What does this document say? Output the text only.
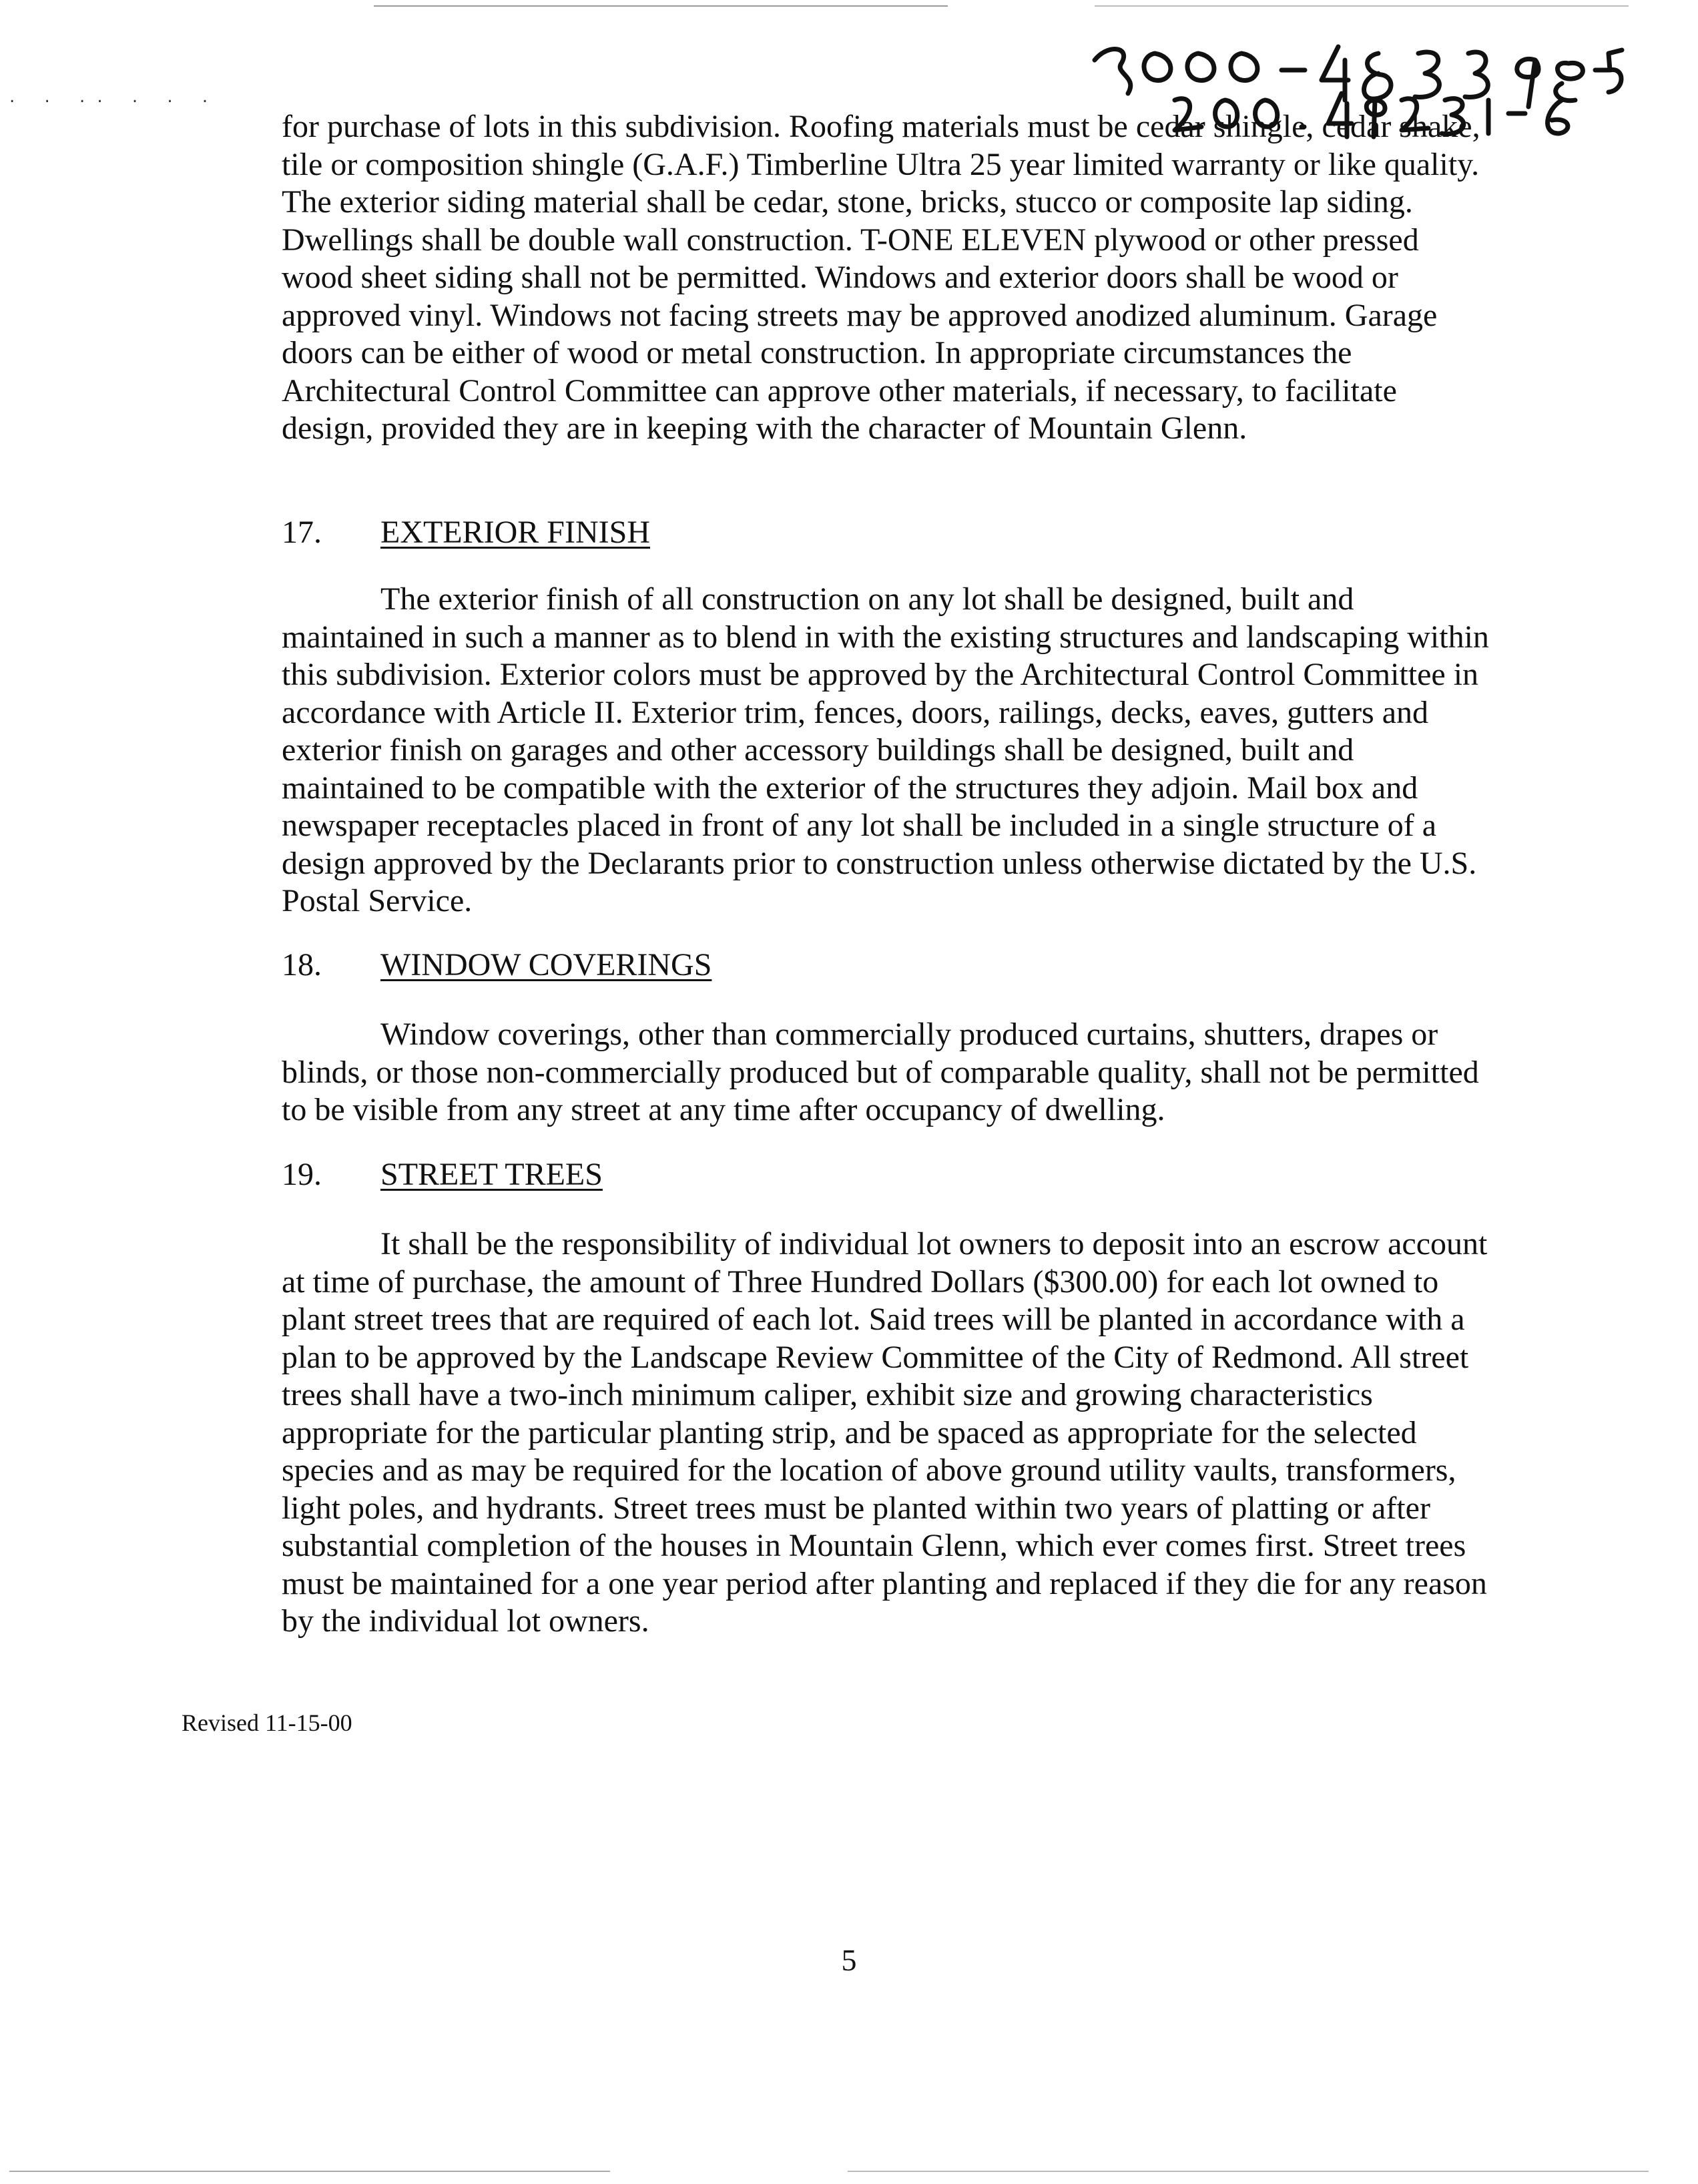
. . .. . . .

for purchase of lots in this subdivision. Roofing materials must be cedar shingle, cedar shake, tile or composition shingle (G.A.F.) Timberline Ultra 25 year limited warranty or like quality. The exterior siding material shall be cedar, stone, bricks, stucco or composite lap siding. Dwellings shall be double wall construction. T-ONE ELEVEN plywood or other pressed wood sheet siding shall not be permitted. Windows and exterior doors shall be wood or approved vinyl. Windows not facing streets may be approved anodized aluminum. Garage doors can be either of wood or metal construction. In appropriate circumstances the Architectural Control Committee can approve other materials, if necessary, to facilitate design, provided they are in keeping with the character of Mountain Glenn.

17. EXTERIOR FINISH

The exterior finish of all construction on any lot shall be designed, built and maintained in such a manner as to blend in with the existing structures and landscaping within this subdivision. Exterior colors must be approved by the Architectural Control Committee in accordance with Article II. Exterior trim, fences, doors, railings, decks, eaves, gutters and exterior finish on garages and other accessory buildings shall be designed, built and maintained to be compatible with the exterior of the structures they adjoin. Mail box and newspaper receptacles placed in front of any lot shall be included in a single structure of a design approved by the Declarants prior to construction unless otherwise dictated by the U.S. Postal Service.

18. WINDOW COVERINGS

Window coverings, other than commercially produced curtains, shutters, drapes or blinds, or those non-commercially produced but of comparable quality, shall not be permitted to be visible from any street at any time after occupancy of dwelling.

19. STREET TREES

It shall be the responsibility of individual lot owners to deposit into an escrow account at time of purchase, the amount of Three Hundred Dollars ($300.00) for each lot owned to plant street trees that are required of each lot. Said trees will be planted in accordance with a plan to be approved by the Landscape Review Committee of the City of Redmond. All street trees shall have a two-inch minimum caliper, exhibit size and growing characteristics appropriate for the particular planting strip, and be spaced as appropriate for the selected species and as may be required for the location of above ground utility vaults, transformers, light poles, and hydrants. Street trees must be planted within two years of platting or after substantial completion of the houses in Mountain Glenn, which ever comes first. Street trees must be maintained for a one year period after planting and replaced if they die for any reason by the individual lot owners.

Revised 11-15-00
5
